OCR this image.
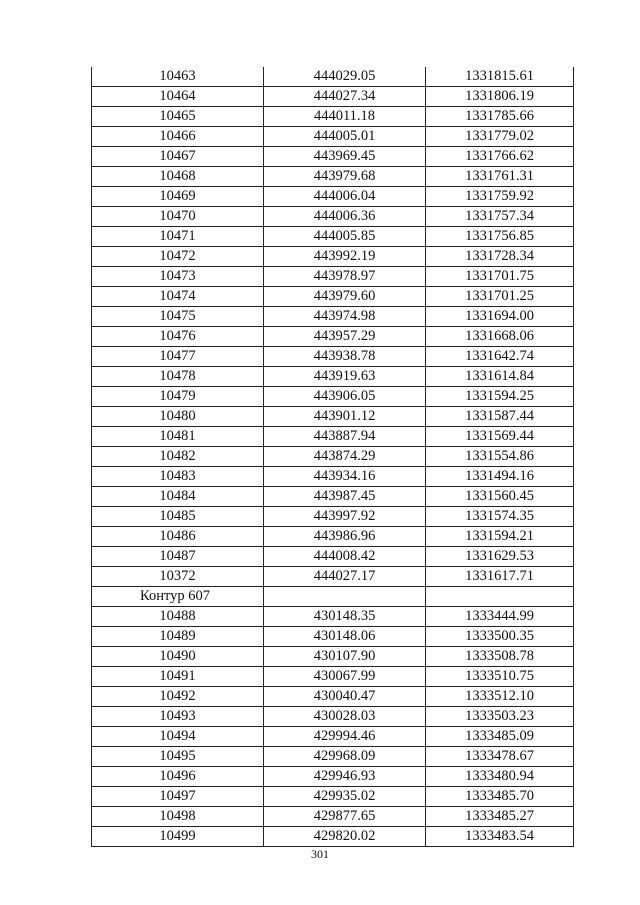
10463	444029.05	1331815.61
10464	444027.34	1331806.19
10465	444011.18	1331785.66
10466	444005.01	1331779.02
10467	443969.45	1331766.62
10468	443979.68	1331761.31
10469	444006.04	1331759.92
10470	444006.36	1331757.34
10471	444005.85	1331756.85
10472	443992.19	1331728.34
10473	443978.97	1331701.75
10474	443979.60	1331701.25
10475	443974.98	1331694.00
10476	443957.29	1331668.06
10477	443938.78	1331642.74
10478	443919.63	1331614.84
10479	443906.05	1331594.25
10480	443901.12	1331587.44
10481	443887.94	1331569.44
10482	443874.29	1331554.86
10483	443934.16	1331494.16
10484	443987.45	1331560.45
10485	443997.92	1331574.35
10486	443986.96	1331594.21
10487	444008.42	1331629.53
10372	444027.17	1331617.71
Контур 607		
10488	430148.35	1333444.99
10489	430148.06	1333500.35
10490	430107.90	1333508.78
10491	430067.99	1333510.75
10492	430040.47	1333512.10
10493	430028.03	1333503.23
10494	429994.46	1333485.09
10495	429968.09	1333478.67
10496	429946.93	1333480.94
10497	429935.02	1333485.70
10498	429877.65	1333485.27
10499	429820.02	1333483.54
301
